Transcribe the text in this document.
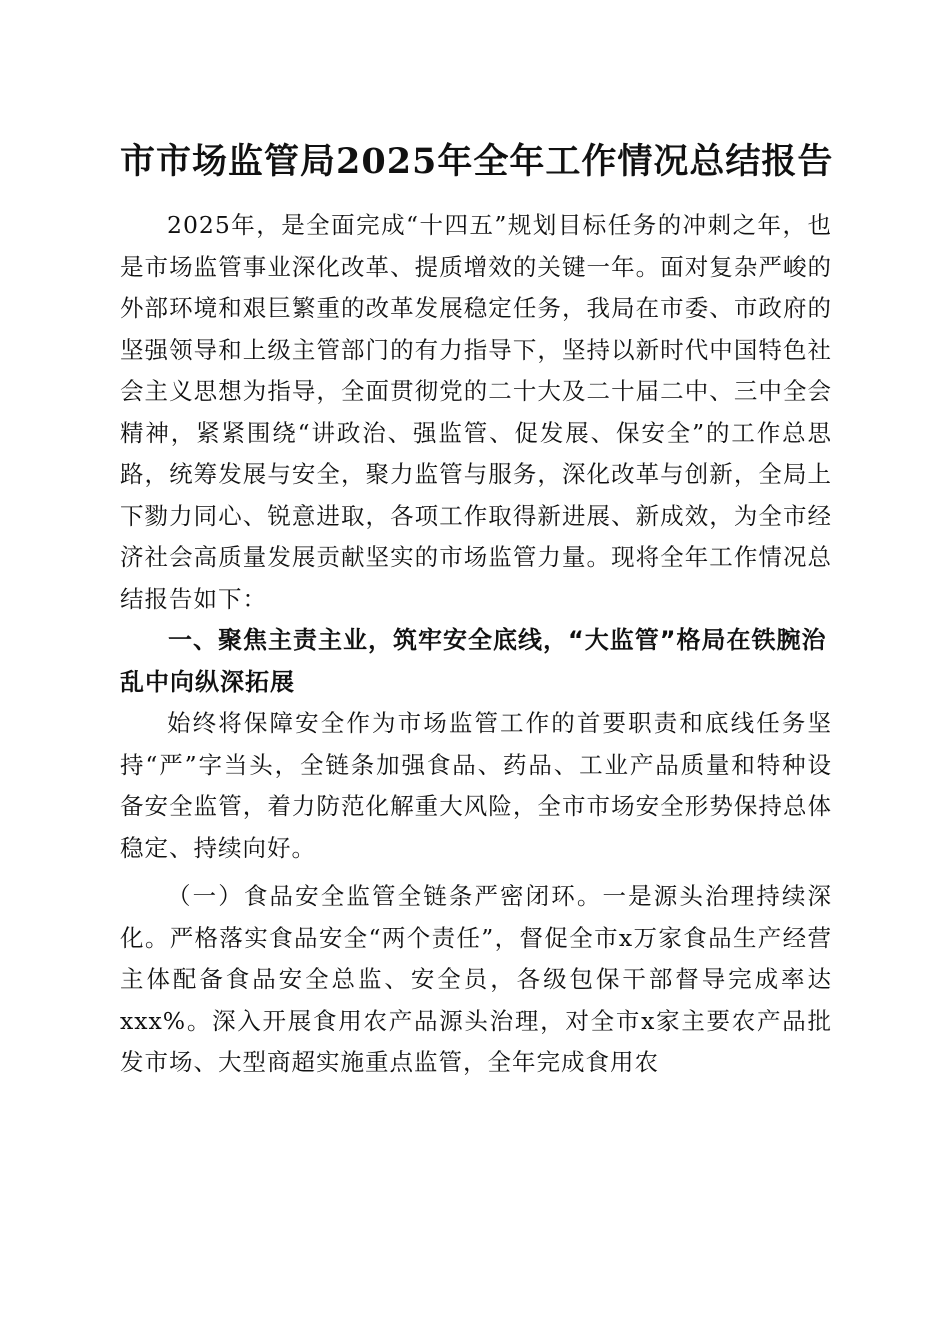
市市场监管局2025年全年工作情况总结报告

2025年，是全面完成“十四五”规划目标任务的冲刺之年，也是市场监管事业深化改革、提质增效的关键一年。面对复杂严峻的外部环境和艰巨繁重的改革发展稳定任务，我局在市委、市政府的坚强领导和上级主管部门的有力指导下，坚持以新时代中国特色社会主义思想为指导，全面贯彻党的二十大及二十届二中、三中全会精神，紧紧围绕“讲政治、强监管、促发展、保安全”的工作总思路，统筹发展与安全，聚力监管与服务，深化改革与创新，全局上下勠力同心、锐意进取，各项工作取得新进展、新成效，为全市经济社会高质量发展贡献坚实的市场监管力量。现将全年工作情况总结报告如下：

一、聚焦主责主业，筑牢安全底线，“大监管”格局在铁腕治乱中向纵深拓展

始终将保障安全作为市场监管工作的首要职责和底线任务坚持“严”字当头，全链条加强食品、药品、工业产品质量和特种设备安全监管，着力防范化解重大风险，全市市场安全形势保持总体稳定、持续向好。

（一）食品安全监管全链条严密闭环。一是源头治理持续深化。严格落实食品安全“两个责任”，督促全市x万家食品生产经营主体配备食品安全总监、安全员，各级包保干部督导完成率达xxx%。深入开展食用农产品源头治理，对全市x家主要农产品批发市场、大型商超实施重点监管，全年完成食用农
